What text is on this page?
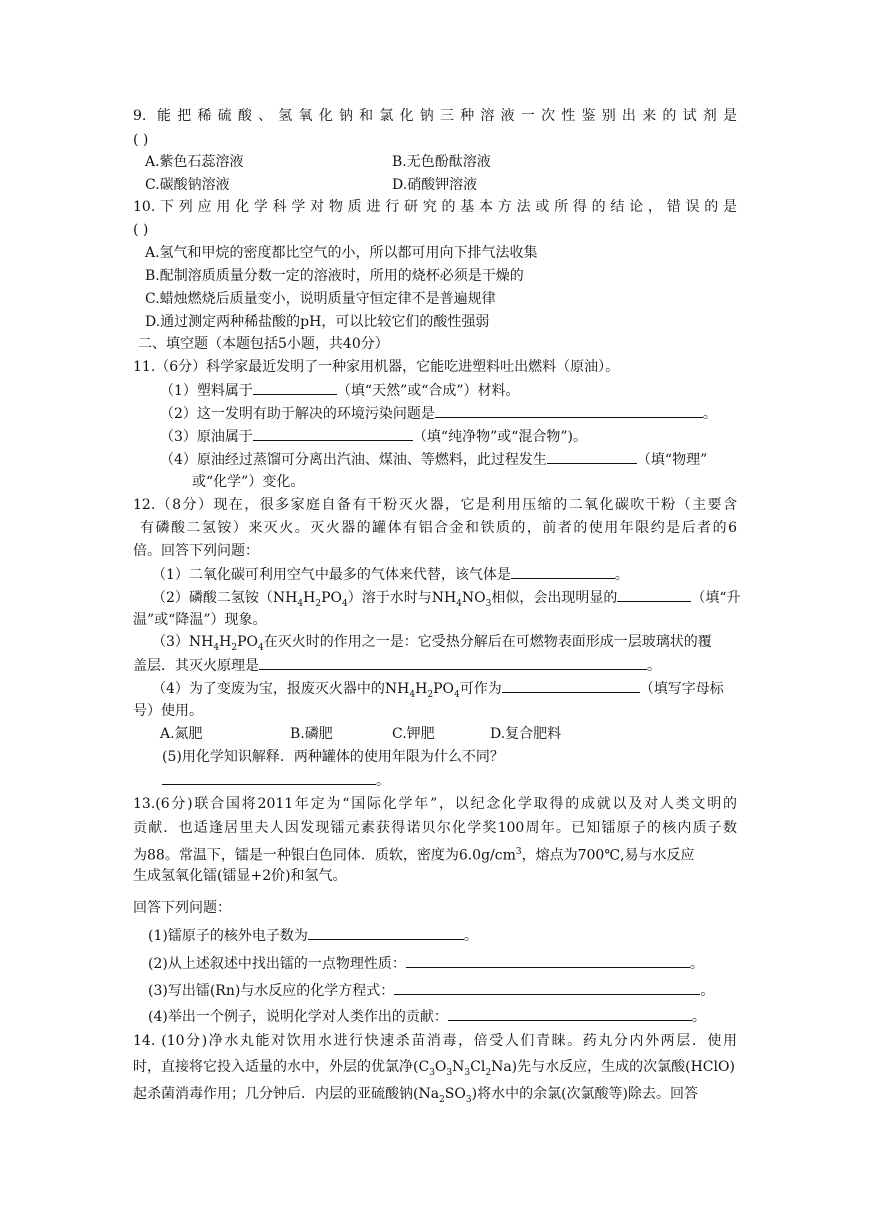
9. 能把稀硫酸、氢氧化钠和氯化钠三种溶液一次性鉴别出来的试剂是
( )
A.紫色石蕊溶液	B.无色酚酞溶液
C.碳酸钠溶液	D.硝酸钾溶液
10.下列应用化学科学对物质进行研究的基本方法或所得的结论，错误的是
( )
A.氢气和甲烷的密度都比空气的小，所以都可用向下排气法收集
B.配制溶质质量分数一定的溶液时，所用的烧杯必须是干燥的
C.蜡烛燃烧后质量变小，说明质量守恒定律不是普遍规律
D.通过测定两种稀盐酸的pH，可以比较它们的酸性强弱
二、填空题（本题包括5小题，共40分）
11.（6分）科学家最近发明了一种家用机器，它能吃进塑料吐出燃料（原油）。
（1）塑料属于	（填“天然”或“合成”）材料。
（2）这一发明有助于解决的环境污染问题是	。
（3）原油属于	（填“纯净物”或“混合物”)。
（4）原油经过蒸馏可分离出汽油、煤油、等燃料，此过程发生	（填“物理”
或“化学”）变化。
12.（8分）现在，很多家庭自备有干粉灭火器，它是利用压缩的二氧化碳吹干粉（主要含
有磷酸二氢铵）来灭火。灭火器的罐体有铝合金和铁质的，前者的使用年限约是后者的6
倍。回答下列问题：
（1）二氧化碳可利用空气中最多的气体来代替，该气体是	。
（2）磷酸二氢铵$(NH_4H_2PO_4)$溶于水时与$NH_4NO_3$相似，会出现明显的	（填“升
温”或“降温”）现象。
$(3)NH_4H_2PO_4$在灭火时的作用之一是：它受热分解后在可燃物表面形成一层玻璃状的覆
盖层．其灭火原理是	。
（4）为了变废为宝，报废灭火器中的$NH_4H_2PO_4$可作为	（填写字母标
号）使用。
A.氮肥	B.磷肥	C.钾肥	D.复合肥料
(5)用化学知识解释．两种罐体的使用年限为什么不同？
。
13.(6分)联合国将2011年定为“国际化学年”，以纪念化学取得的成就以及对人类文明的
贡献．也适逢居里夫人因发现镭元素获得诺贝尔化学奖100周年。已知镭原子的核内质子数
为88。常温下，镭是一种银白色同体．质软，密度为$6.0g/cm^3$，熔点为700℃,易与水反应
生成氢氧化镭(镭显+2价)和氢气。
回答下列问题：
(1)镭原子的核外电子数为	。
(2)从上述叙述中找出镭的一点物理性质：	。
(3)写出镭(Rn)与水反应的化学方程式：	。
(4)举出一个例子，说明化学对人类作出的贡献：	。
14. (10分)净水丸能对饮用水进行快速杀苗消毒，倍受人们青睐。药丸分内外两层．使用
时，直接将它投入适量的水中，外层的优氯净$(C_3O_3N_3Cl_2Na)$先与水反应，生成的次氯酸(HClO)
起杀菌消毒作用；几分钟后．内层的亚硫酸钠$(Na_2SO_3)$将水中的余氯(次氯酸等)除去。回答
